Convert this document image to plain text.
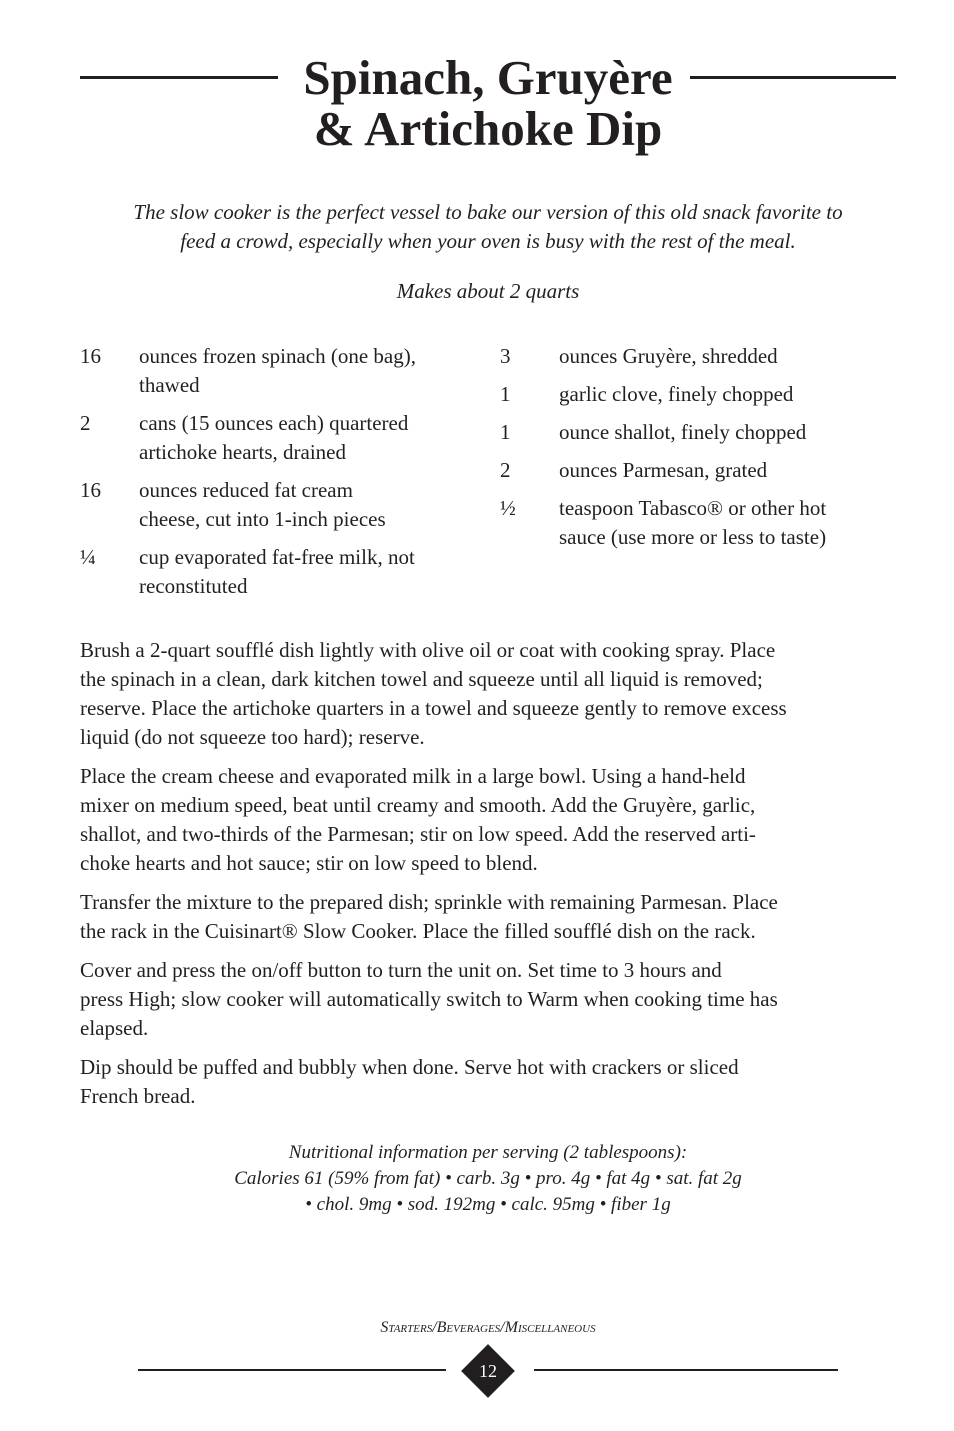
Spinach, Gruyère
& Artichoke Dip

The slow cooker is the perfect vessel to bake our version of this old snack favorite to
feed a crowd, especially when your oven is busy with the rest of the meal.

Makes about 2 quarts

16	ounces frozen spinach (one bag),
thawed
2	cans (15 ounces each) quartered
artichoke hearts, drained
16	ounces reduced fat cream
cheese, cut into 1-inch pieces
¼	cup evaporated fat-free milk, not
reconstituted
3	ounces Gruyère, shredded
1	garlic clove, finely chopped
1	ounce shallot, finely chopped
2	ounces Parmesan, grated
½	teaspoon Tabasco® or other hot
sauce (use more or less to taste)

Brush a 2-quart soufflé dish lightly with olive oil or coat with cooking spray. Place
the spinach in a clean, dark kitchen towel and squeeze until all liquid is removed;
reserve. Place the artichoke quarters in a towel and squeeze gently to remove excess
liquid (do not squeeze too hard); reserve.

Place the cream cheese and evaporated milk in a large bowl. Using a hand-held
mixer on medium speed, beat until creamy and smooth. Add the Gruyère, garlic,
shallot, and two-thirds of the Parmesan; stir on low speed. Add the reserved arti-
choke hearts and hot sauce; stir on low speed to blend.

Transfer the mixture to the prepared dish; sprinkle with remaining Parmesan. Place
the rack in the Cuisinart® Slow Cooker. Place the filled soufflé dish on the rack.

Cover and press the on/off button to turn the unit on. Set time to 3 hours and
press High; slow cooker will automatically switch to Warm when cooking time has
elapsed.

Dip should be puffed and bubbly when done. Serve hot with crackers or sliced
French bread.

Nutritional information per serving (2 tablespoons):
Calories 61 (59% from fat) • carb. 3g • pro. 4g • fat 4g • sat. fat 2g
• chol. 9mg • sod. 192mg • calc. 95mg • fiber 1g
Starters/Beverages/Miscellaneous
12
